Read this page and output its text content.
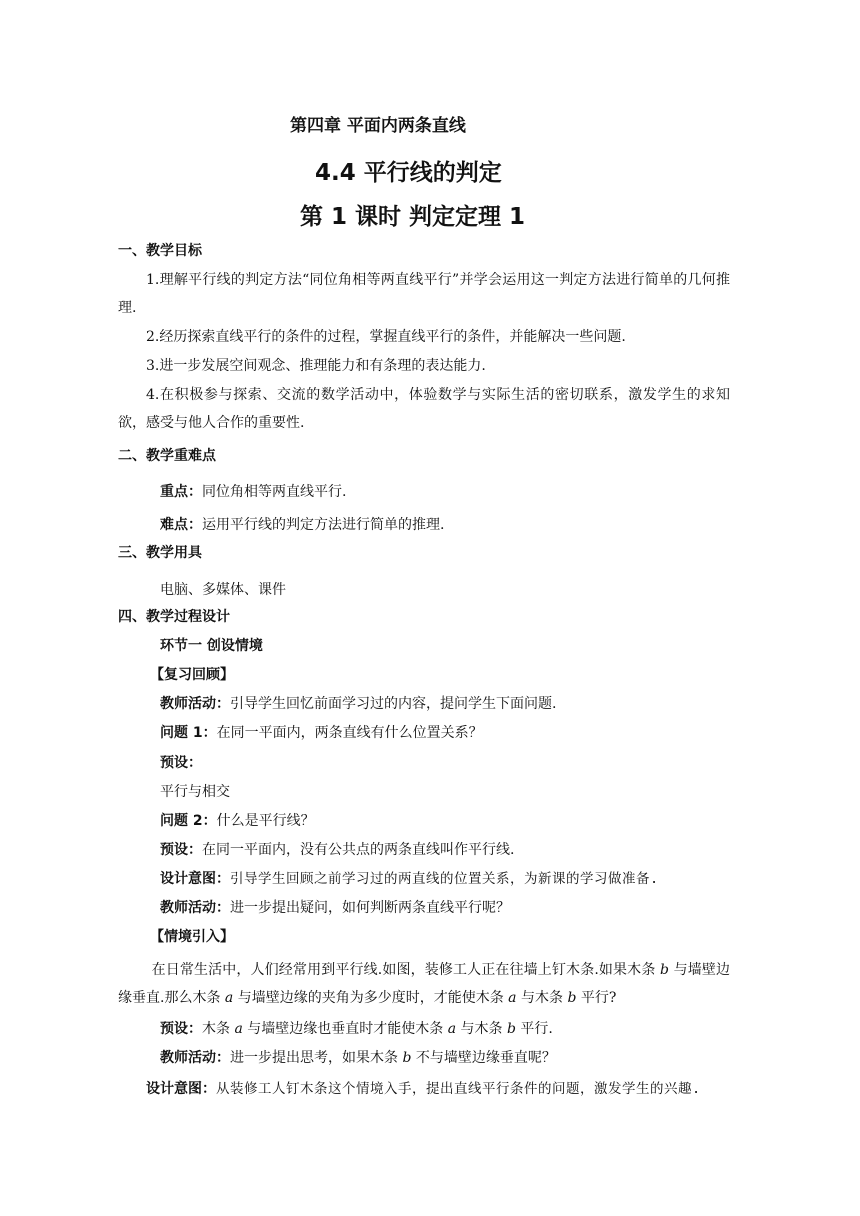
第四章 平面内两条直线
4.4 平行线的判定
第 1 课时 判定定理 1
一、教学目标
1.理解平行线的判定方法“同位角相等两直线平行”并学会运用这一判定方法进行简单的几何推理.
2.经历探索直线平行的条件的过程，掌握直线平行的条件，并能解决一些问题.
3.进一步发展空间观念、推理能力和有条理的表达能力.
4.在积极参与探索、交流的数学活动中，体验数学与实际生活的密切联系，激发学生的求知欲，感受与他人合作的重要性.
二、教学重难点
重点：同位角相等两直线平行.
难点：运用平行线的判定方法进行简单的推理.
三、教学用具
电脑、多媒体、课件
四、教学过程设计
环节一 创设情境
【复习回顾】
教师活动：引导学生回忆前面学习过的内容，提问学生下面问题.
问题 1：在同一平面内，两条直线有什么位置关系？
预设：
平行与相交
问题 2：什么是平行线？
预设：在同一平面内，没有公共点的两条直线叫作平行线.
设计意图：引导学生回顾之前学习过的两直线的位置关系，为新课的学习做准备.
教师活动：进一步提出疑问，如何判断两条直线平行呢？
【情境引入】
在日常生活中，人们经常用到平行线.如图，装修工人正在往墙上钉木条.如果木条 b 与墙壁边缘垂直.那么木条 a 与墙壁边缘的夹角为多少度时，才能使木条 a 与木条 b 平行?
预设：木条 a 与墙壁边缘也垂直时才能使木条 a 与木条 b 平行.
教师活动：进一步提出思考，如果木条 b 不与墙壁边缘垂直呢？
设计意图：从装修工人钉木条这个情境入手，提出直线平行条件的问题，激发学生的兴趣.
